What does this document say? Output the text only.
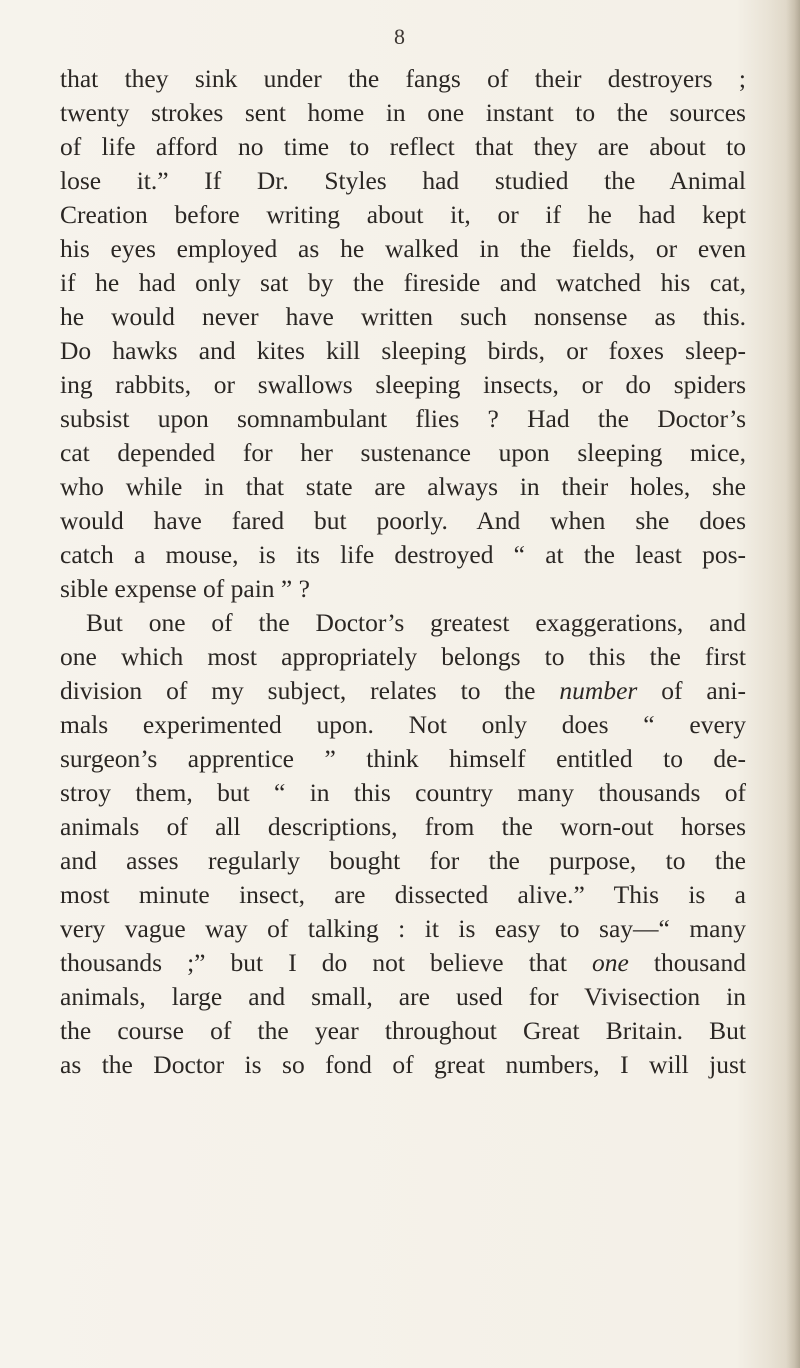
8
that they sink under the fangs of their destroyers ;
twenty strokes sent home in one instant to the sources
of life afford no time to reflect that they are about to
lose it.” If Dr. Styles had studied the Animal
Creation before writing about it, or if he had kept
his eyes employed as he walked in the fields, or even
if he had only sat by the fireside and watched his cat,
he would never have written such nonsense as this.
Do hawks and kites kill sleeping birds, or foxes sleep-
ing rabbits, or swallows sleeping insects, or do spiders
subsist upon somnambulant flies ? Had the Doctor’s
cat depended for her sustenance upon sleeping mice,
who while in that state are always in their holes, she
would have fared but poorly. And when she does
catch a mouse, is its life destroyed “ at the least pos-
sible expense of pain ” ?
But one of the Doctor’s greatest exaggerations, and
one which most appropriately belongs to this the first
division of my subject, relates to the number of ani-
mals experimented upon. Not only does “ every
surgeon’s apprentice ” think himself entitled to de-
stroy them, but “ in this country many thousands of
animals of all descriptions, from the worn-out horses
and asses regularly bought for the purpose, to the
most minute insect, are dissected alive.” This is a
very vague way of talking : it is easy to say—“ many
thousands ;” but I do not believe that one thousand
animals, large and small, are used for Vivisection in
the course of the year throughout Great Britain. But
as the Doctor is so fond of great numbers, I will just
